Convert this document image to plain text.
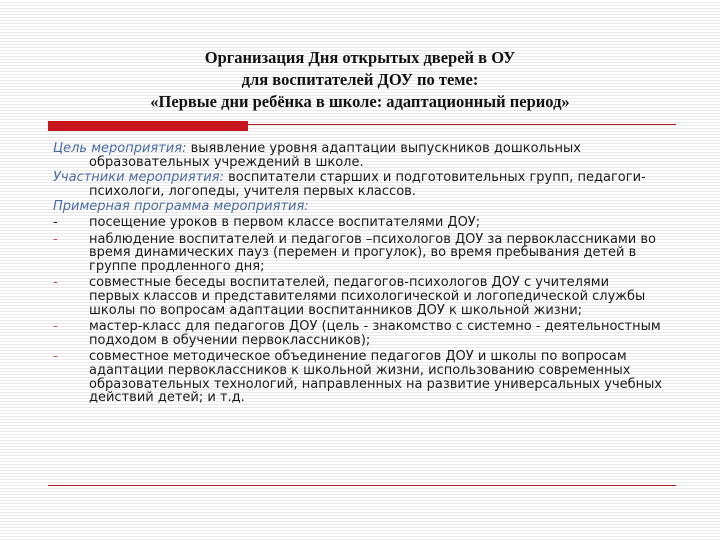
Организация Дня открытых дверей в ОУ
для воспитателей ДОУ по теме:
«Первые дни ребёнка в школе: адаптационный период»
Цель мероприятия: выявление уровня адаптации выпускников дошкольных образовательных учреждений в школе.
Участники мероприятия: воспитатели старших и подготовительных групп, педагоги-психологи, логопеды, учителя первых классов.
Примерная программа мероприятия:
- посещение уроков в первом классе воспитателями ДОУ;
- наблюдение воспитателей и педагогов –психологов ДОУ за первоклассниками во время динамических пауз (перемен и прогулок), во время пребывания детей в группе продленного дня;
- совместные беседы воспитателей, педагогов-психологов ДОУ с учителями первых классов и представителями психологической и логопедической службы школы по вопросам адаптации воспитанников ДОУ к школьной жизни;
- мастер-класс для педагогов ДОУ (цель - знакомство с системно - деятельностным подходом в обучении первоклассников);
- совместное методическое объединение педагогов ДОУ и школы по вопросам адаптации первоклассников к школьной жизни, использованию современных образовательных технологий, направленных на развитие универсальных учебных действий детей; и т.д.
